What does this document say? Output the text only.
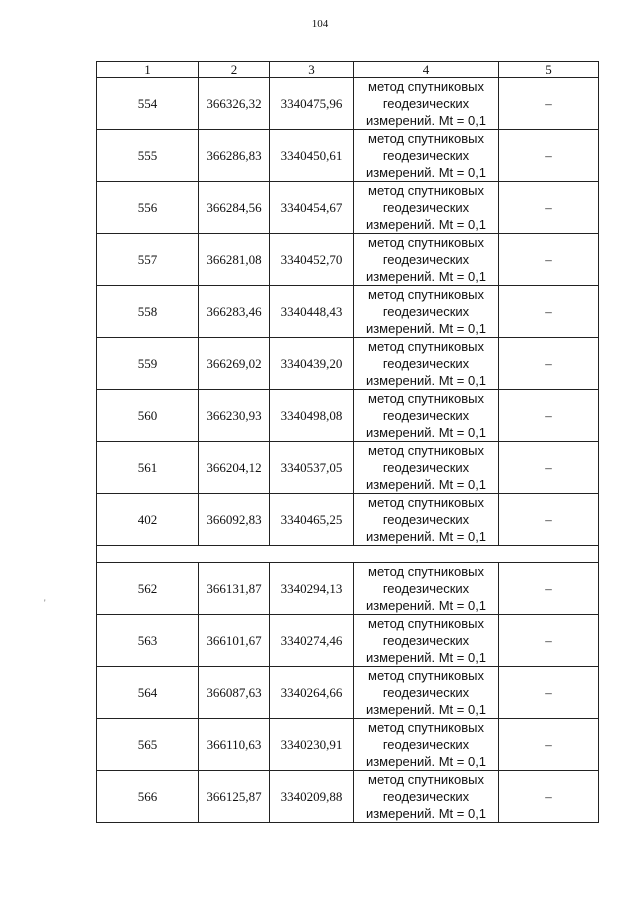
104
'
1	2	3	4	5
554	366326,32	3340475,96	метод спутниковых
геодезических
измерений. Mt = 0,1	–
555	366286,83	3340450,61	метод спутниковых
геодезических
измерений. Mt = 0,1	–
556	366284,56	3340454,67	метод спутниковых
геодезических
измерений. Mt = 0,1	–
557	366281,08	3340452,70	метод спутниковых
геодезических
измерений. Mt = 0,1	–
558	366283,46	3340448,43	метод спутниковых
геодезических
измерений. Mt = 0,1	–
559	366269,02	3340439,20	метод спутниковых
геодезических
измерений. Mt = 0,1	–
560	366230,93	3340498,08	метод спутниковых
геодезических
измерений. Mt = 0,1	–
561	366204,12	3340537,05	метод спутниковых
геодезических
измерений. Mt = 0,1	–
402	366092,83	3340465,25	метод спутниковых
геодезических
измерений. Mt = 0,1	–

562	366131,87	3340294,13	метод спутниковых
геодезических
измерений. Mt = 0,1	–
563	366101,67	3340274,46	метод спутниковых
геодезических
измерений. Mt = 0,1	–
564	366087,63	3340264,66	метод спутниковых
геодезических
измерений. Mt = 0,1	–
565	366110,63	3340230,91	метод спутниковых
геодезических
измерений. Mt = 0,1	–
566	366125,87	3340209,88	метод спутниковых
геодезических
измерений. Mt = 0,1	–
